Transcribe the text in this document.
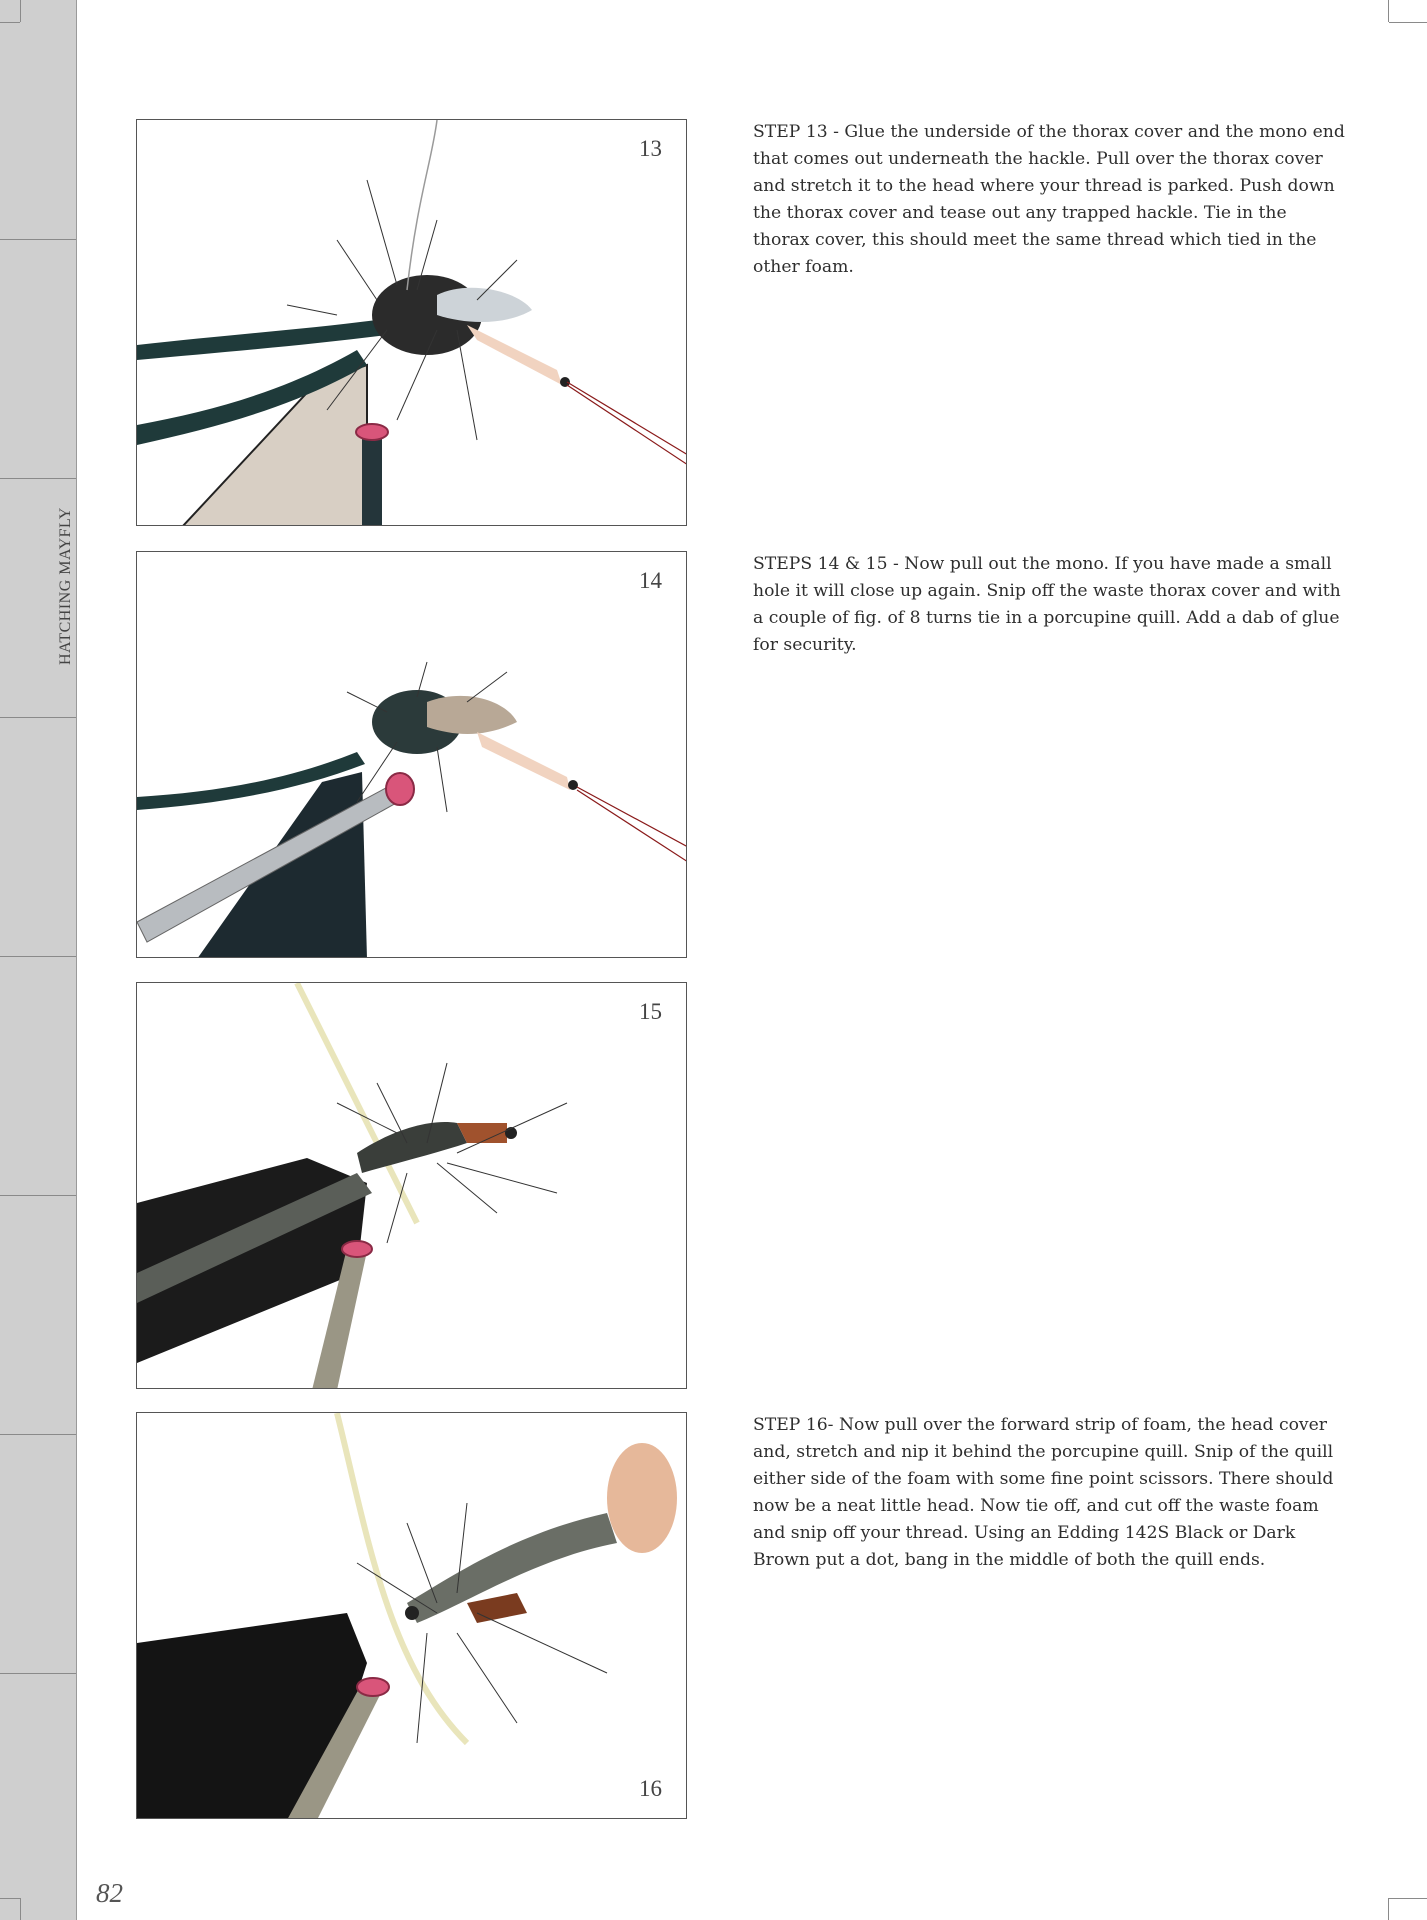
HATCHING MAYFLY
13

STEP 13 - Glue the underside of the thorax cover and the mono end that comes out underneath the hackle. Pull over the thorax cover and stretch it to the head where your thread is parked. Push down the thorax cover and tease out any trapped hackle. Tie in the thorax cover, this should meet the same thread which tied in the other foam.

14

STEPS 14 & 15 - Now pull out the mono. If you have made a small hole it will close up again. Snip off the waste thorax cover and with a couple of fig. of 8 turns tie in a porcupine quill. Add a dab of glue for security.

15
16

STEP 16- Now pull over the forward strip of foam, the head cover and, stretch and nip it behind the porcupine quill. Snip of the quill either side of the foam with some fine point scissors. There should now be a neat little head. Now tie off, and cut off the waste foam and snip off your thread. Using an Edding 142S Black or Dark Brown put a dot, bang in the middle of both the quill ends.

82
